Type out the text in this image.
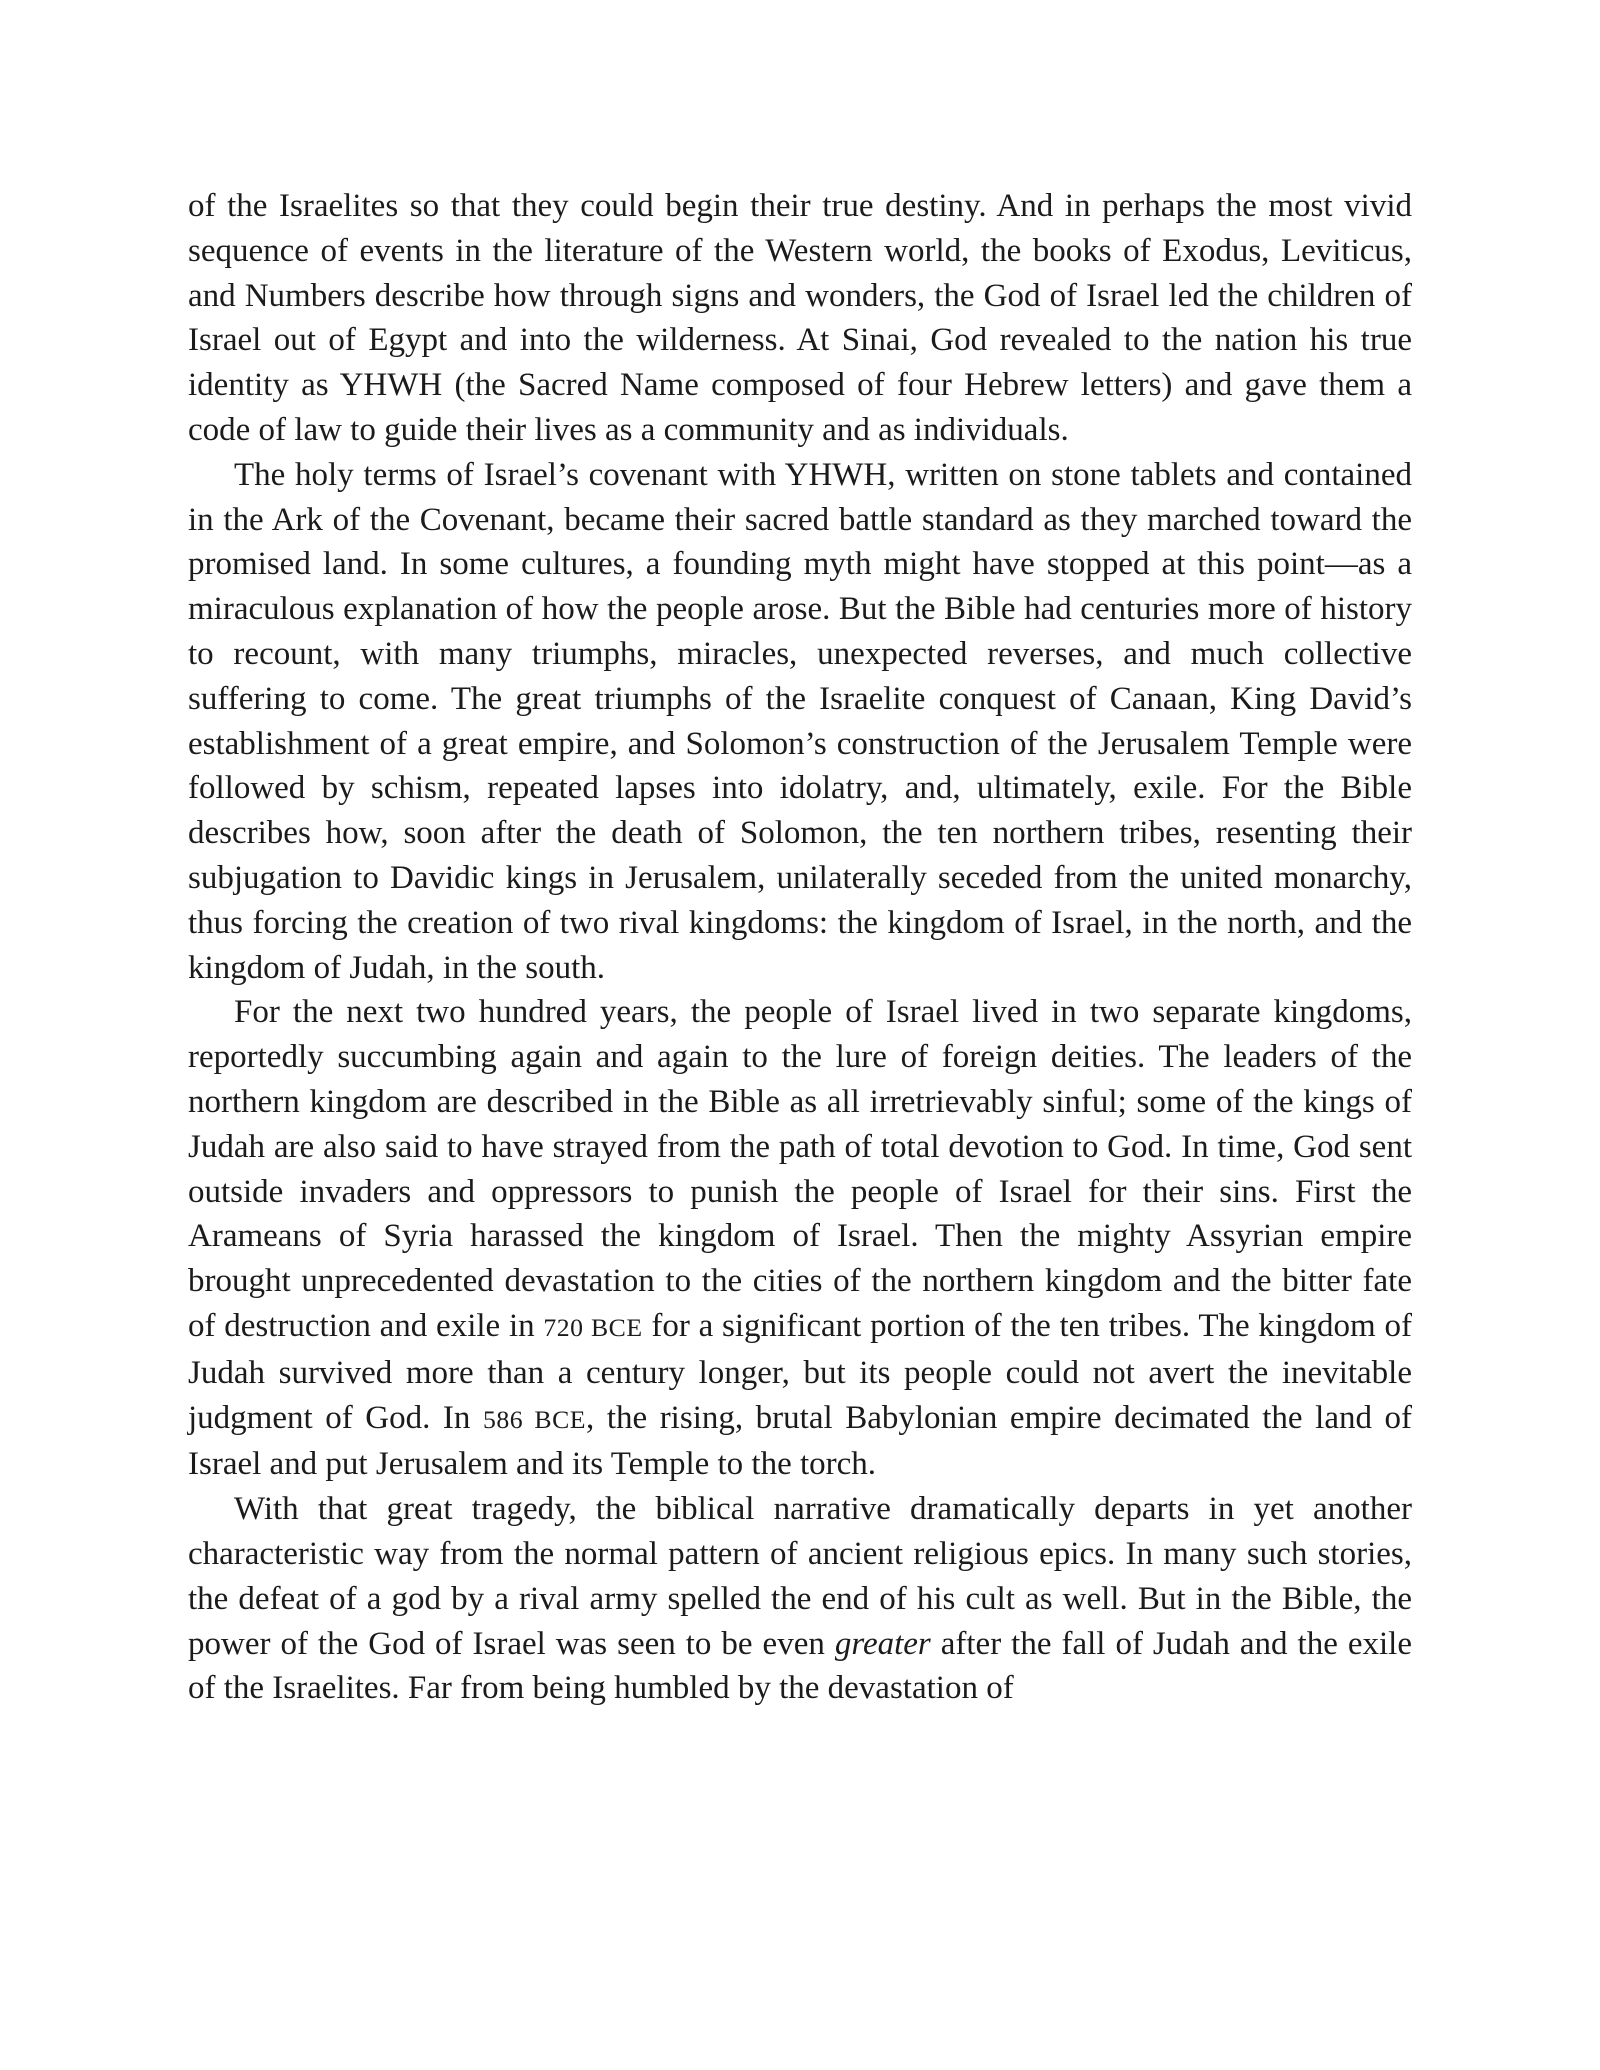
of the Israelites so that they could begin their true destiny. And in perhaps the most vivid sequence of events in the literature of the Western world, the books of Exodus, Leviticus, and Numbers describe how through signs and wonders, the God of Israel led the children of Israel out of Egypt and into the wilderness. At Sinai, God revealed to the nation his true identity as YHWH (the Sacred Name composed of four Hebrew letters) and gave them a code of law to guide their lives as a community and as individuals.

The holy terms of Israel’s covenant with YHWH, written on stone tablets and contained in the Ark of the Covenant, became their sacred battle standard as they marched toward the promised land. In some cultures, a founding myth might have stopped at this point—as a miraculous explanation of how the people arose. But the Bible had centuries more of history to recount, with many triumphs, miracles, unexpected reverses, and much collective suffering to come. The great triumphs of the Israelite conquest of Canaan, King David’s establishment of a great empire, and Solomon’s construction of the Jerusalem Temple were followed by schism, repeated lapses into idolatry, and, ultimately, exile. For the Bible describes how, soon after the death of Solomon, the ten northern tribes, resenting their subjugation to Davidic kings in Jerusalem, unilaterally seceded from the united monarchy, thus forcing the creation of two rival kingdoms: the kingdom of Israel, in the north, and the kingdom of Judah, in the south.

For the next two hundred years, the people of Israel lived in two separate kingdoms, reportedly succumbing again and again to the lure of foreign deities. The leaders of the northern kingdom are described in the Bible as all irretrievably sinful; some of the kings of Judah are also said to have strayed from the path of total devotion to God. In time, God sent outside invaders and oppressors to punish the people of Israel for their sins. First the Arameans of Syria harassed the kingdom of Israel. Then the mighty Assyrian empire brought unprecedented devastation to the cities of the northern kingdom and the bitter fate of destruction and exile in 720 BCE for a significant portion of the ten tribes. The kingdom of Judah survived more than a century longer, but its people could not avert the inevitable judgment of God. In 586 BCE, the rising, brutal Babylonian empire decimated the land of Israel and put Jerusalem and its Temple to the torch.

With that great tragedy, the biblical narrative dramatically departs in yet another characteristic way from the normal pattern of ancient religious epics. In many such stories, the defeat of a god by a rival army spelled the end of his cult as well. But in the Bible, the power of the God of Israel was seen to be even greater after the fall of Judah and the exile of the Israelites. Far from being humbled by the devastation of
